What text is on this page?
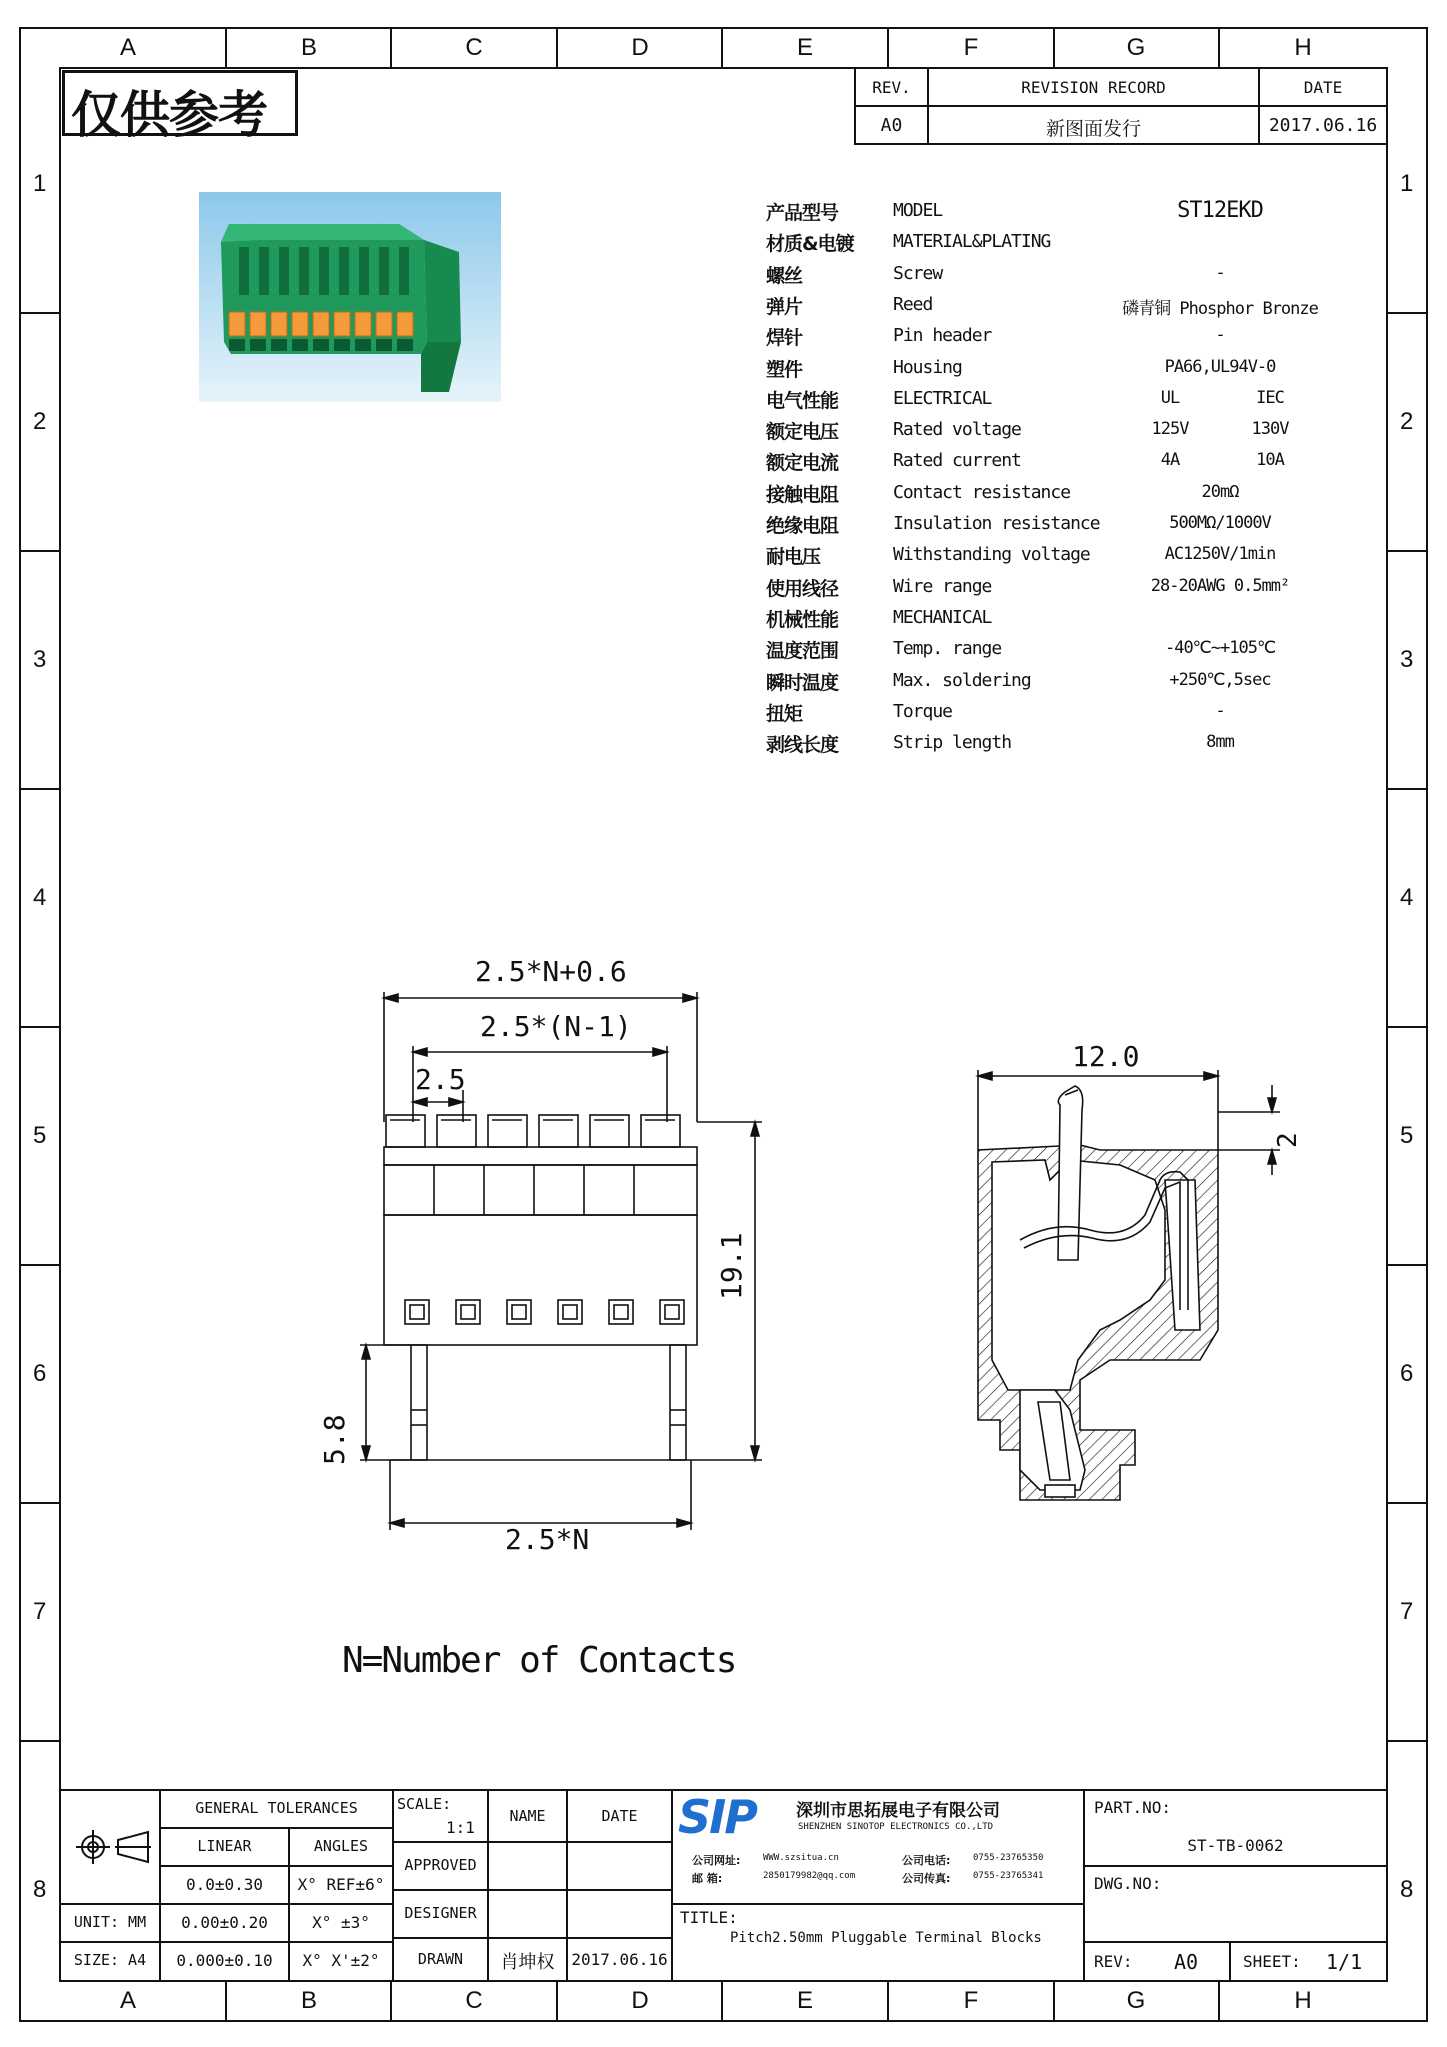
A	B	C	D	E	F	G	H
A	B	C	D	E	F	G	H
1
2
3
4
5
6
7
8
1
2
3
4
5
6
7
8
仅供参考	REV.	REVISION RECORD	DATE
A0	新图面发行	2017.06.16
产品型号	MODEL	ST12EKD
材质&电镀 MATERIAL&PLATING
螺丝	Screw	-
弹片	Reed	磷青铜 Phosphor Bronze
焊针	Pin header	-
塑件	Housing	PA66,UL94V-0
电气性能	ELECTRICAL	UL	IEC
额定电压	Rated voltage	125V	130V
额定电流	Rated current	4A	10A
接触电阻	Contact resistance	20mΩ
绝缘电阻	Insulation resistance	500MΩ/1000V
耐电压	Withstanding voltage	AC1250V/1min
使用线径	Wire range	28-20AWG 0.5mm²
机械性能	MECHANICAL
温度范围	Temp. range	-40℃~+105℃
瞬时温度	Max. soldering	+250℃,5sec
扭矩	Torque	-
剥线长度	Strip length	8mm
2.5*N+0.6
2.5*(N-1)
2.5
19.1
5.8
2.5*N
12.0
2
N=Number of Contacts
GENERAL TOLERANCES
LINEAR	ANGLES
0.0±0.30	X° REF±6°
UNIT: MM	0.00±0.20	X° ±3°
SIZE: A4	0.000±0.10	X° X'±2°
SCALE:
1:1
NAME	DATE
APPROVED
DESIGNER
DRAWN	肖坤权	2017.06.16
SIP 深圳市思拓展电子有限公司
SHENZHEN SINOTOP ELECTRONICS CO.,LTD
公司网址:	WWW.szsitua.cn
邮 箱:	2850179982@qq.com
公司电话:	0755-23765350
公司传真:	0755-23765341
TITLE:
Pitch2.50mm Pluggable Terminal Blocks
PART.NO:
ST-TB-0062
DWG.NO:
REV: A0	SHEET: 1/1
